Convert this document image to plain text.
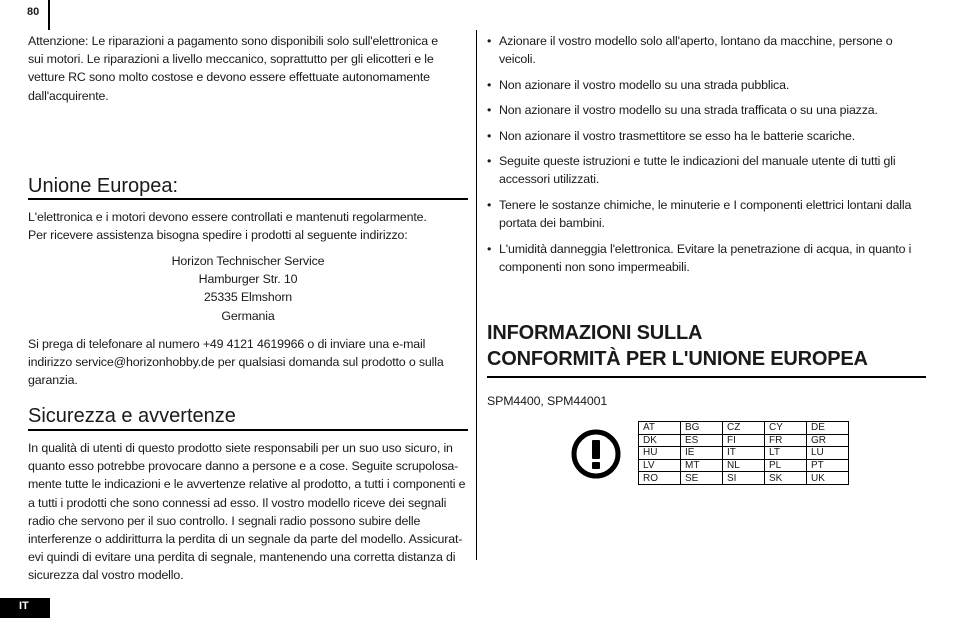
80
Attenzione: Le riparazioni a pagamento sono disponibili solo sull'elettronica e sui motori. Le riparazioni a livello meccanico, soprattutto per gli elicotteri e le vetture RC sono molto costose e devono essere effettuate autonomamente dall'acquirente.
Unione Europea:
L'elettronica e i motori devono essere controllati e mantenuti regolarmente. Per ricevere assistenza bisogna spedire i prodotti al seguente indirizzo:
Horizon Technischer Service
Hamburger Str. 10
25335 Elmshorn
Germania
Si prega di telefonare al numero +49 4121 4619966 o di inviare una e-mail indirizzo service@horizonhobby.de per qualsiasi domanda sul prodotto o sulla garanzia.
Sicurezza e avvertenze
In qualità di utenti di questo prodotto siete responsabili per un suo uso sicuro, in quanto esso potrebbe provocare danno a persone e a cose. Seguite scrupolosa-mente tutte le indicazioni e le avvertenze relative al prodotto, a tutti i componenti e a tutti i prodotti che sono connessi ad esso. Il vostro modello riceve dei segnali radio che servono per il suo controllo. I segnali radio possono subire delle interferenze o addiritturra la perdita di un segnale da parte del modello. Assicurat-evi quindi di evitare una perdita di segnale, mantenendo una corretta distanza di sicurezza dal vostro modello.
• Azionare il vostro modello solo all'aperto, lontano da macchine, persone o veicoli.
• Non azionare il vostro modello su una strada pubblica.
• Non azionare il vostro modello su una strada trafficata o su una piazza.
• Non azionare il vostro trasmettitore se esso ha le batterie scariche.
• Seguite queste istruzioni e tutte le indicazioni del manuale utente di tutti gli accessori utilizzati.
• Tenere le sostanze chimiche, le minuterie e I componenti elettrici lontani dalla portata dei bambini.
• L'umidità danneggia l'elettronica. Evitare la penetrazione di acqua, in quanto i componenti non sono impermeabili.
INFORMAZIONI SULLA
CONFORMITÀ PER L'UNIONE EUROPEA
SPM4400, SPM44001
AT	BG	CZ	CY	DE
DK	ES	FI	FR	GR
HU	IE	IT	LT	LU
LV	MT	NL	PL	PT
RO	SE	SI	SK	UK
IT
